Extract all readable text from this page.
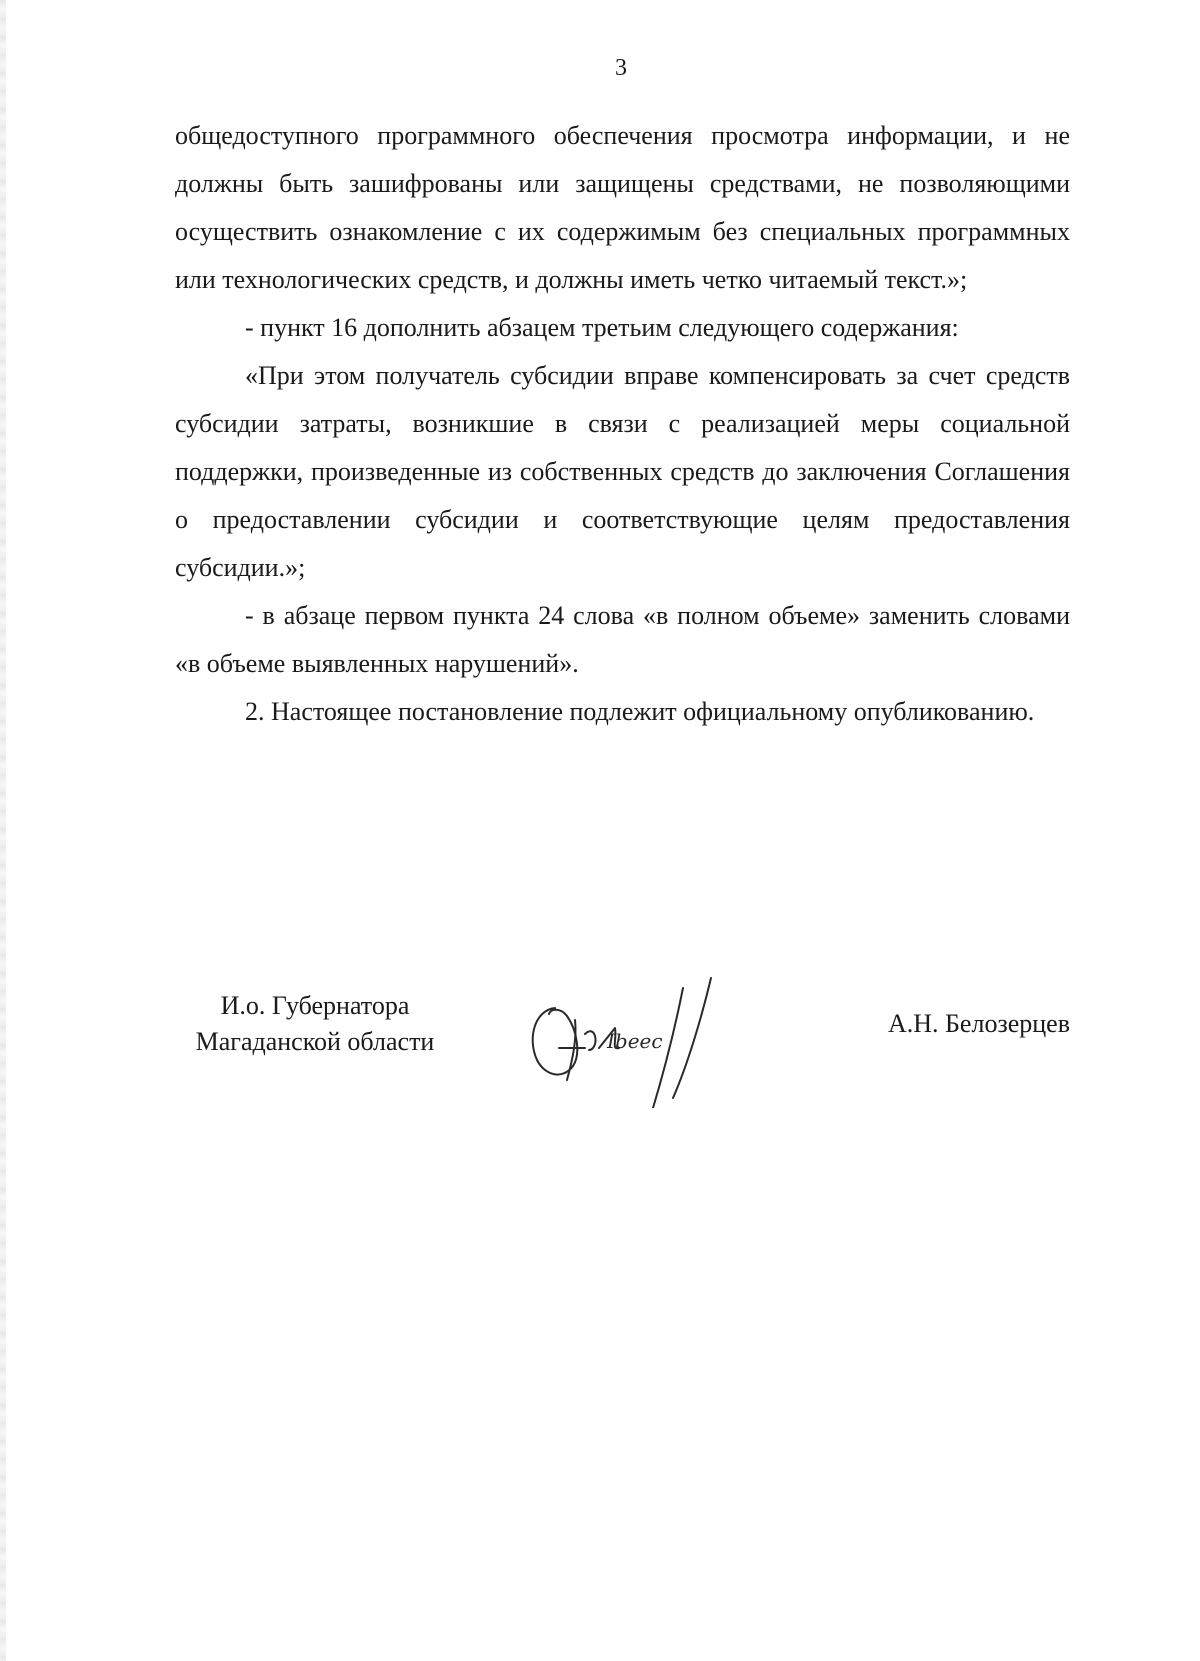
3

общедоступного программного обеспечения просмотра информации, и не должны быть зашифрованы или защищены средствами, не позволяющими осуществить ознакомление с их содержимым без специальных программных или технологических средств, и должны иметь четко читаемый текст.»;

- пункт 16 дополнить абзацем третьим следующего содержания:

«При этом получатель субсидии вправе компенсировать за счет средств субсидии затраты, возникшие в связи с реализацией меры социальной поддержки, произведенные из собственных средств до заключения Соглашения о предоставлении субсидии и соответствующие целям предоставления субсидии.»;

- в абзаце первом пункта 24 слова «в полном объеме» заменить словами «в объеме выявленных нарушений».

2. Настоящее постановление подлежит официальному опубликованию.

И.о. Губернатора
Магаданской области	Ibeec
А.Н. Белозерцев
